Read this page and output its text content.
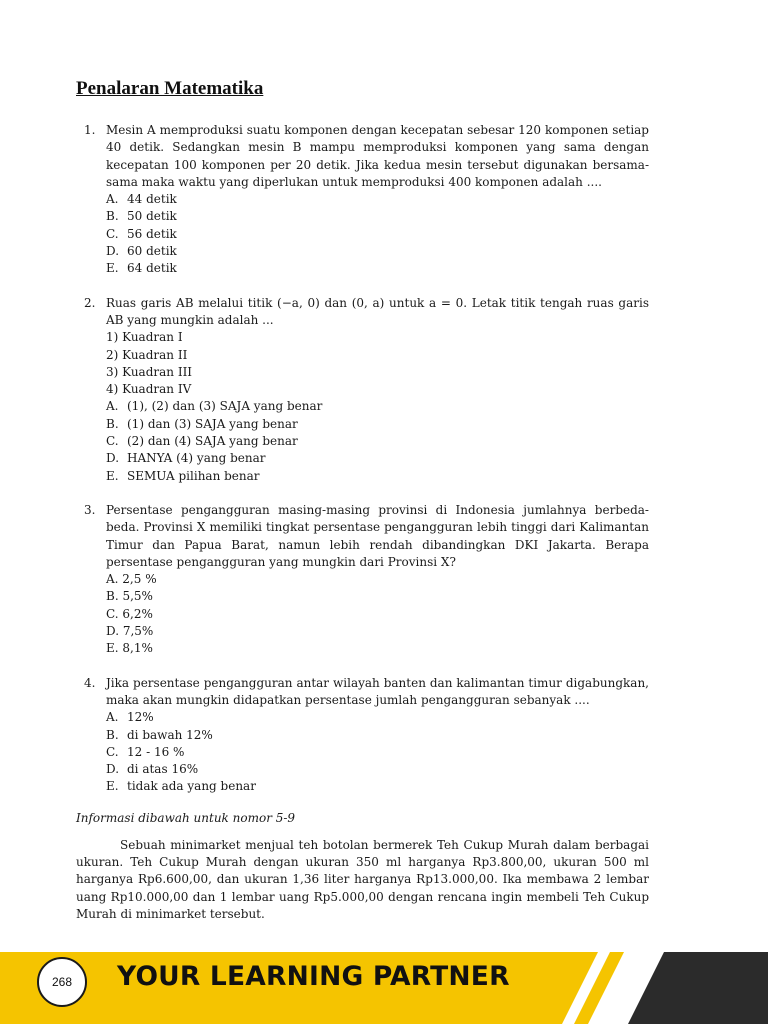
Penalaran Matematika
1. Mesin A memproduksi suatu komponen dengan kecepatan sebesar 120 komponen setiap 40 detik. Sedangkan mesin B mampu memproduksi komponen yang sama dengan kecepatan 100 komponen per 20 detik. Jika kedua mesin tersebut digunakan bersama-sama maka waktu yang diperlukan untuk memproduksi 400 komponen adalah ....
A. 44 detik
B. 50 detik
C. 56 detik
D. 60 detik
E. 64 detik
2. Ruas garis AB melalui titik (−a, 0) dan (0, a) untuk a = 0. Letak titik tengah ruas garis AB yang mungkin adalah ...
1) Kuadran I
2) Kuadran II
3) Kuadran III
4) Kuadran IV
A. (1), (2) dan (3) SAJA yang benar
B. (1) dan (3) SAJA yang benar
C. (2) dan (4) SAJA yang benar
D. HANYA (4) yang benar
E. SEMUA pilihan benar
3. Persentase pengangguran masing-masing provinsi di Indonesia jumlahnya berbeda-beda. Provinsi X memiliki tingkat persentase pengangguran lebih tinggi dari Kalimantan Timur dan Papua Barat, namun lebih rendah dibandingkan DKI Jakarta. Berapa persentase pengangguran yang mungkin dari Provinsi X?
A. 2,5 %
B. 5,5%
C. 6,2%
D. 7,5%
E. 8,1%
4. Jika persentase pengangguran antar wilayah banten dan kalimantan timur digabungkan, maka akan mungkin didapatkan persentase jumlah pengangguran sebanyak ....
A. 12%
B. di bawah 12%
C. 12 - 16 %
D. di atas 16%
E. tidak ada yang benar
Informasi dibawah untuk nomor 5-9
Sebuah minimarket menjual teh botolan bermerek Teh Cukup Murah dalam berbagai ukuran. Teh Cukup Murah dengan ukuran 350 ml harganya Rp3.800,00, ukuran 500 ml harganya Rp6.600,00, dan ukuran 1,36 liter harganya Rp13.000,00. Ika membawa 2 lembar uang Rp10.000,00 dan 1 lembar uang Rp5.000,00 dengan rencana ingin membeli Teh Cukup Murah di minimarket tersebut.
268	YOUR LEARNING PARTNER
